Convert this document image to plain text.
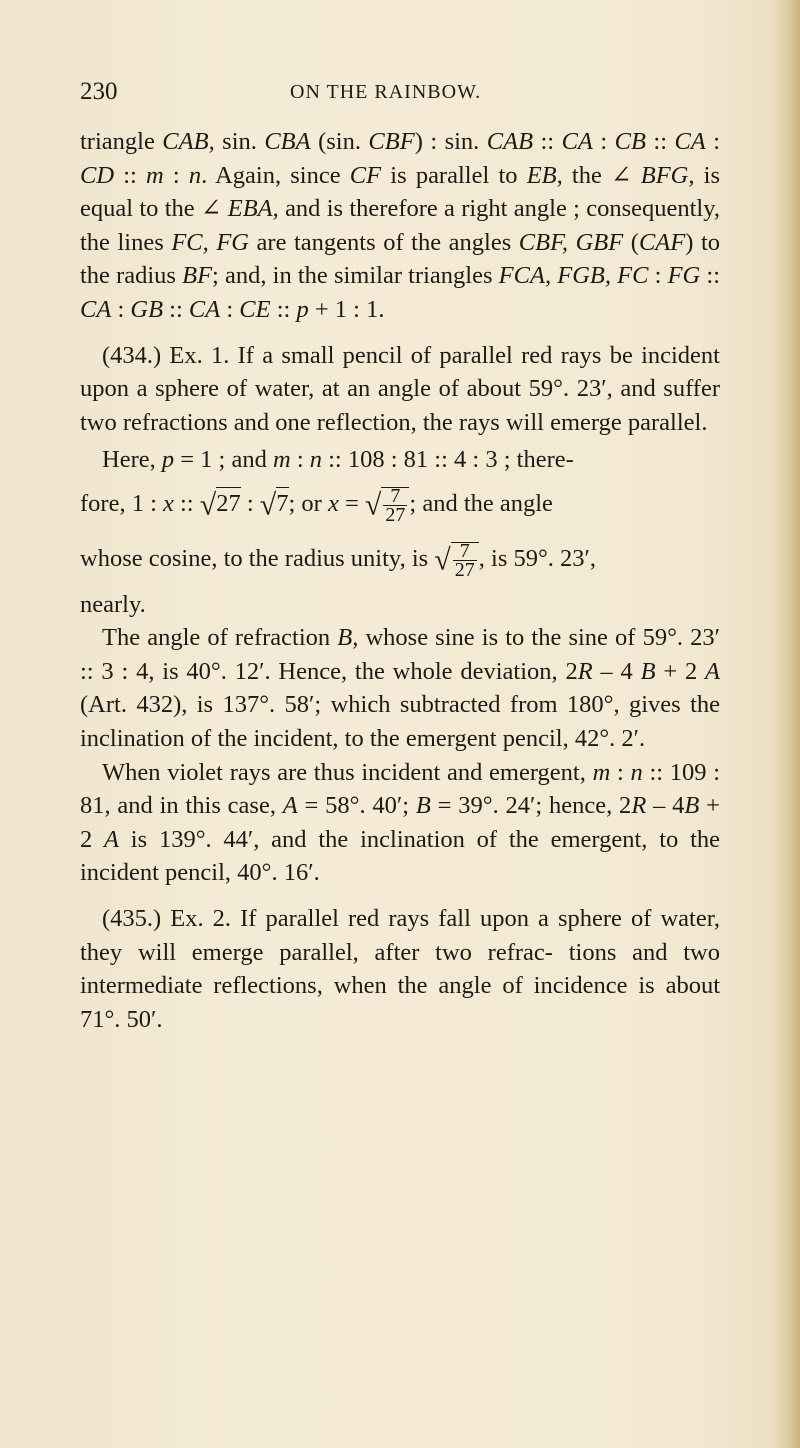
230	ON THE RAINBOW.

triangle CAB, sin. CBA (sin. CBF) : sin. CAB :: CA : CB :: CA : CD :: m : n. Again, since CF is parallel to EB, the ∠ BFG, is equal to the ∠ EBA, and is therefore a right angle ; consequently, the lines FC, FG are tangents of the angles CBF, GBF (CAF) to the radius BF; and, in the similar triangles FCA, FGB, FC : FG :: CA : GB :: CA : CE :: p + 1 : 1.

(434.) Ex. 1. If a small pencil of parallel red rays be incident upon a sphere of water, at an angle of about 59°. 23′, and suffer two refractions and one reflection, the rays will emerge parallel.

Here, p = 1 ; and m : n :: 108 : 81 :: 4 : 3 ; there-

fore, 1 : x :: √27 : √7; or x = √ $\frac{7}{27}$ ; and the angle

whose cosine, to the radius unity, is √ $\frac{7}{27}$ , is 59°. 23′,

nearly.

The angle of refraction B, whose sine is to the sine of 59°. 23′ :: 3 : 4, is 40°. 12′. Hence, the whole deviation, 2R – 4 B + 2 A (Art. 432), is 137°. 58′; which subtracted from 180°, gives the inclination of the incident, to the emergent pencil, 42°. 2′.

When violet rays are thus incident and emergent, m : n :: 109 : 81, and in this case, A = 58°. 40′; B = 39°. 24′; hence, 2R – 4B + 2 A is 139°. 44′, and the inclination of the emergent, to the incident pencil, 40°. 16′.

(435.) Ex. 2. If parallel red rays fall upon a sphere of water, they will emerge parallel, after two refrac- tions and two intermediate reflections, when the angle of incidence is about 71°. 50′.
